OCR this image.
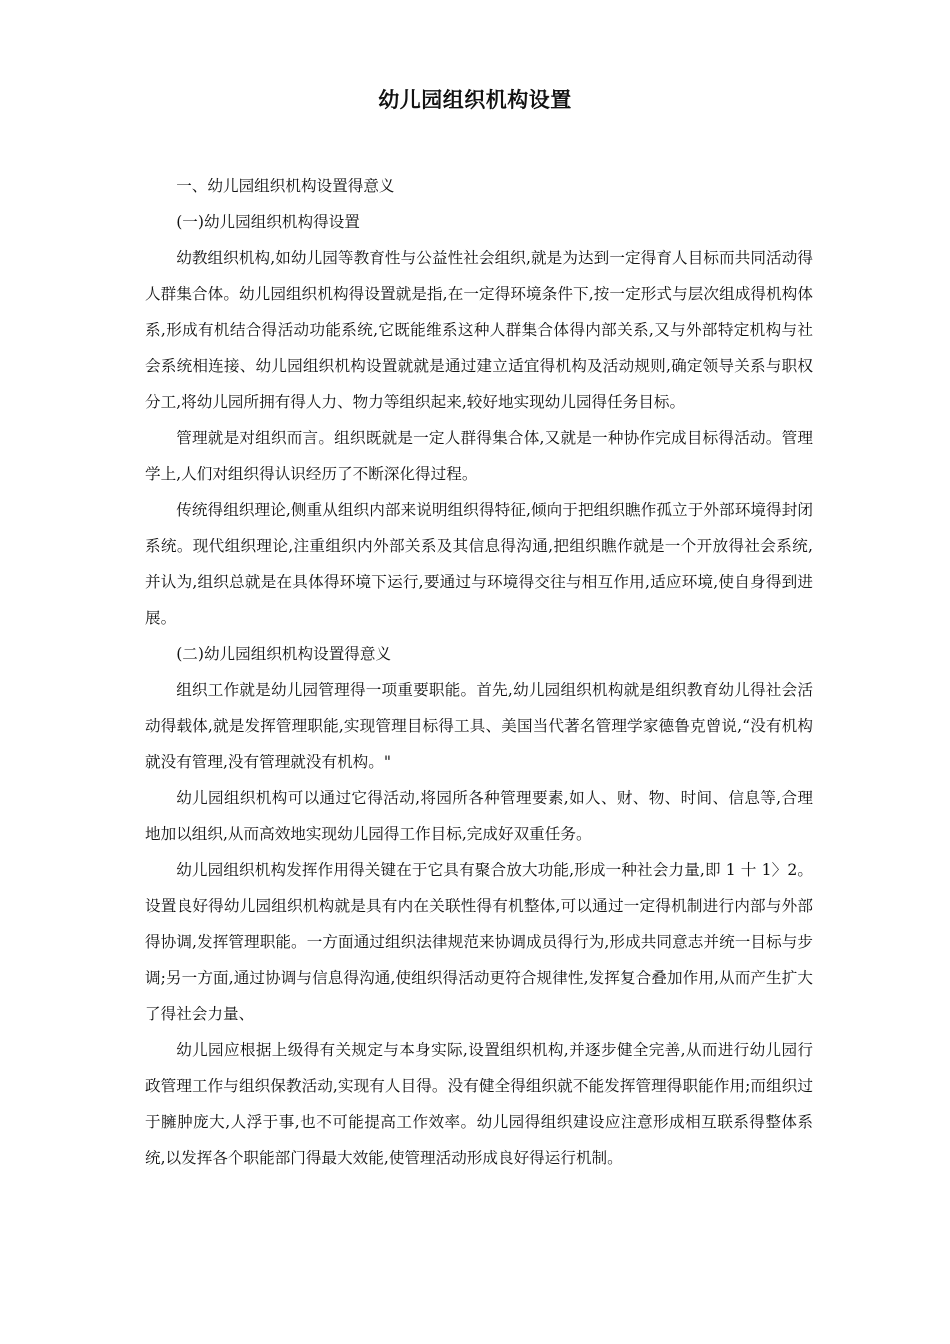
幼儿园组织机构设置

一、幼儿园组织机构设置得意义

(一)幼儿园组织机构得设置

幼教组织机构,如幼儿园等教育性与公益性社会组织,就是为达到一定得育人目标而共同活动得人群集合体。幼儿园组织机构得设置就是指,在一定得环境条件下,按一定形式与层次组成得机构体系,形成有机结合得活动功能系统,它既能维系这种人群集合体得内部关系,又与外部特定机构与社会系统相连接、幼儿园组织机构设置就就是通过建立适宜得机构及活动规则,确定领导关系与职权分工,将幼儿园所拥有得人力、物力等组织起来,较好地实现幼儿园得任务目标。

管理就是对组织而言。组织既就是一定人群得集合体,又就是一种协作完成目标得活动。管理学上,人们对组织得认识经历了不断深化得过程。

传统得组织理论,侧重从组织内部来说明组织得特征,倾向于把组织瞧作孤立于外部环境得封闭系统。现代组织理论,注重组织内外部关系及其信息得沟通,把组织瞧作就是一个开放得社会系统,并认为,组织总就是在具体得环境下运行,要通过与环境得交往与相互作用,适应环境,使自身得到进展。

(二)幼儿园组织机构设置得意义

组织工作就是幼儿园管理得一项重要职能。首先,幼儿园组织机构就是组织教育幼儿得社会活动得载体,就是发挥管理职能,实现管理目标得工具、美国当代著名管理学家德鲁克曾说,“没有机构就没有管理,没有管理就没有机构。"

幼儿园组织机构可以通过它得活动,将园所各种管理要素,如人、财、物、时间、信息等,合理地加以组织,从而高效地实现幼儿园得工作目标,完成好双重任务。

幼儿园组织机构发挥作用得关键在于它具有聚合放大功能,形成一种社会力量,即 1 十 1〉2。设置良好得幼儿园组织机构就是具有内在关联性得有机整体,可以通过一定得机制进行内部与外部得协调,发挥管理职能。一方面通过组织法律规范来协调成员得行为,形成共同意志并统一目标与步调;另一方面,通过协调与信息得沟通,使组织得活动更符合规律性,发挥复合叠加作用,从而产生扩大了得社会力量、

幼儿园应根据上级得有关规定与本身实际,设置组织机构,并逐步健全完善,从而进行幼儿园行政管理工作与组织保教活动,实现有人目得。没有健全得组织就不能发挥管理得职能作用;而组织过于臃肿庞大,人浮于事,也不可能提高工作效率。幼儿园得组织建设应注意形成相互联系得整体系统,以发挥各个职能部门得最大效能,使管理活动形成良好得运行机制。
